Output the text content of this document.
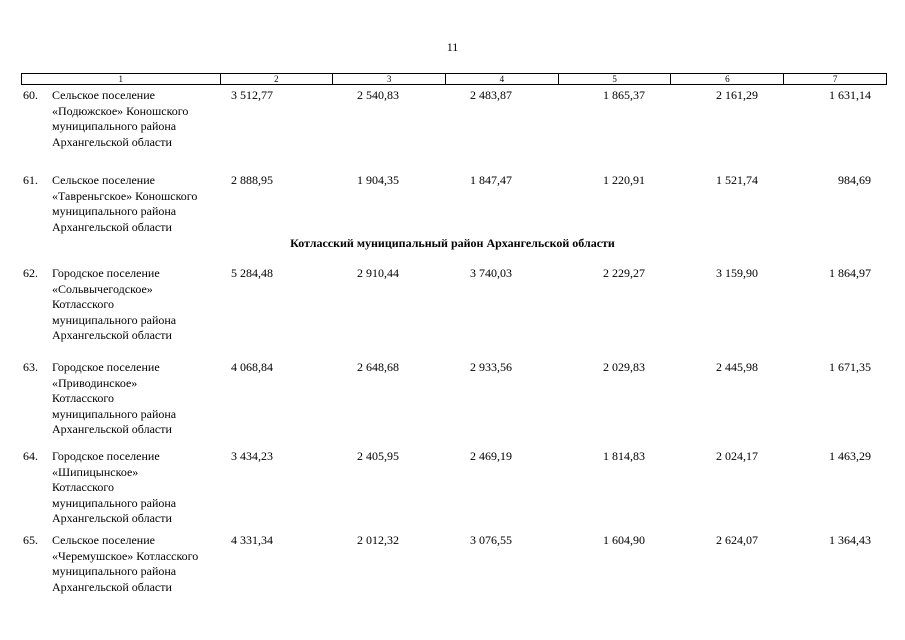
11
1	2	3	4	5	6	7
60.	Сельское поселение
«Подюжское» Коношского
муниципального района
Архангельской области
3 512,77	2 540,83	2 483,87	1 865,37	2 161,29	1 631,14
61.	Сельское поселение
«Тавреньгское» Коношского
муниципального района
Архангельской области
2 888,95	1 904,35	1 847,47	1 220,91	1 521,74	984,69
Котласский муниципальный район Архангельской области
62.	Городское поселение
«Сольвычегодское»
Котласского
муниципального района
Архангельской области
5 284,48	2 910,44	3 740,03	2 229,27	3 159,90	1 864,97
63.	Городское поселение
«Приводинское»
Котласского
муниципального района
Архангельской области
4 068,84	2 648,68	2 933,56	2 029,83	2 445,98	1 671,35
64.	Городское поселение
«Шипицынское»
Котласского
муниципального района
Архангельской области
3 434,23	2 405,95	2 469,19	1 814,83	2 024,17	1 463,29
65.	Сельское поселение
«Черемушское» Котласского
муниципального района
Архангельской области
4 331,34	2 012,32	3 076,55	1 604,90	2 624,07	1 364,43
